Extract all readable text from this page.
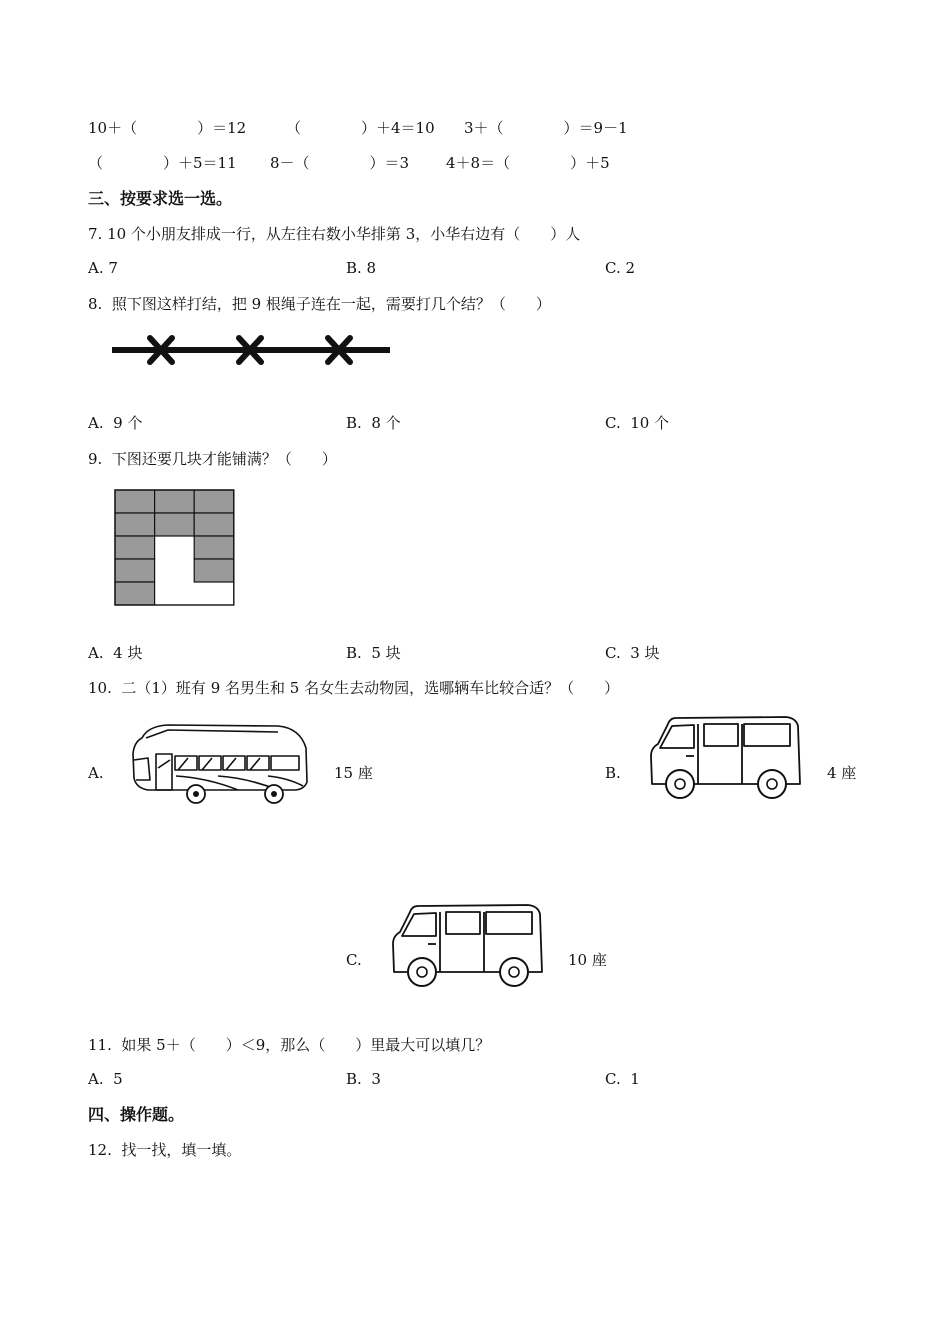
10＋（　　　　）＝12	（　　　　）＋4＝10 3＋（　　　　）＝9－1
（　　　　）＋5＝11 8－（　　　　）＝3 4＋8＝（　　　　）＋5
三、按要求选一选。
7. 10 个小朋友排成一行，从左往右数小华排第 3，小华右边有（　　）人
A. 7	B. 8	C. 2
8.  照下图这样打结，把 9 根绳子连在一起，需要打几个结？（　　）
A.  9 个	B.  8 个	C.  10 个
9.  下图还要几块才能铺满？（　　）
A.  4 块	B.  5 块	C.  3 块
10.  二（1）班有 9 名男生和 5 名女生去动物园，选哪辆车比较合适？（　　）
A.	15 座	B.	4 座
C.	10 座
11.  如果 5＋（　　）＜9，那么（　　）里最大可以填几？
A.  5	B.  3	C.  1
四、操作题。
12.  找一找，填一填。
